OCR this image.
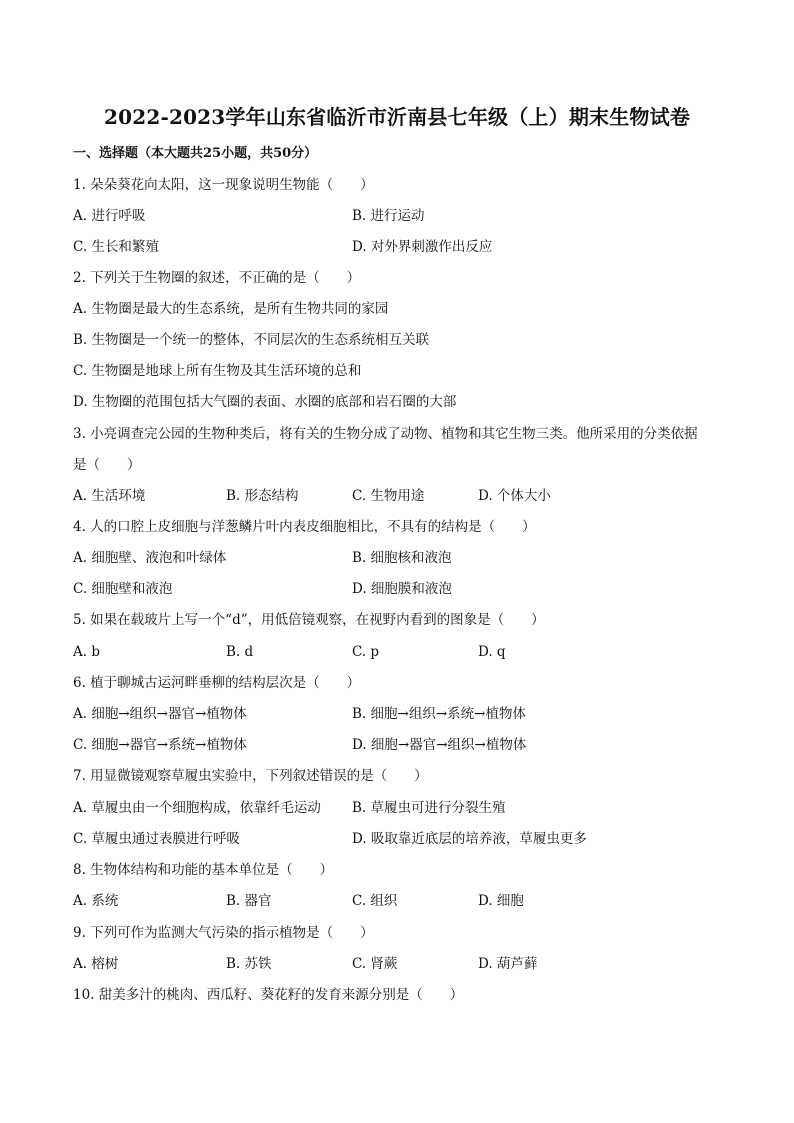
2022-2023学年山东省临沂市沂南县七年级（上）期末生物试卷
一、选择题（本大题共25小题，共50分）
1. 朵朵葵花向太阳，这一现象说明生物能（　　）
A. 进行呼吸	B. 进行运动
C. 生长和繁殖	D. 对外界刺激作出反应
2. 下列关于生物圈的叙述，不正确的是（　　）
A. 生物圈是最大的生态系统，是所有生物共同的家园
B. 生物圈是一个统一的整体，不同层次的生态系统相互关联
C. 生物圈是地球上所有生物及其生活环境的总和
D. 生物圈的范围包括大气圈的表面、水圈的底部和岩石圈的大部
3. 小亮调查完公园的生物种类后，将有关的生物分成了动物、植物和其它生物三类。他所采用的分类依据
是（　　）
A. 生活环境	B. 形态结构	C. 生物用途	D. 个体大小
4. 人的口腔上皮细胞与洋葱鳞片叶内表皮细胞相比，不具有的结构是（　　）
A. 细胞壁、液泡和叶绿体	B. 细胞核和液泡
C. 细胞壁和液泡	D. 细胞膜和液泡
5. 如果在载玻片上写一个“d”，用低倍镜观察，在视野内看到的图象是（　　）
A. b	B. d	C. p	D. q
6. 植于聊城古运河畔垂柳的结构层次是（　　）
A. 细胞→组织→器官→植物体	B. 细胞→组织→系统→植物体
C. 细胞→器官→系统→植物体	D. 细胞→器官→组织→植物体
7. 用显微镜观察草履虫实验中，下列叙述错误的是（　　）
A. 草履虫由一个细胞构成，依靠纤毛运动 B. 草履虫可进行分裂生殖
C. 草履虫通过表膜进行呼吸	D. 吸取靠近底层的培养液，草履虫更多
8. 生物体结构和功能的基本单位是（　　）
A. 系统	B. 器官	C. 组织	D. 细胞
9. 下列可作为监测大气污染的指示植物是（　　）
A. 榕树	B. 苏铁	C. 肾蕨	D. 葫芦藓
10. 甜美多汁的桃肉、西瓜籽、葵花籽的发育来源分别是（　　）
